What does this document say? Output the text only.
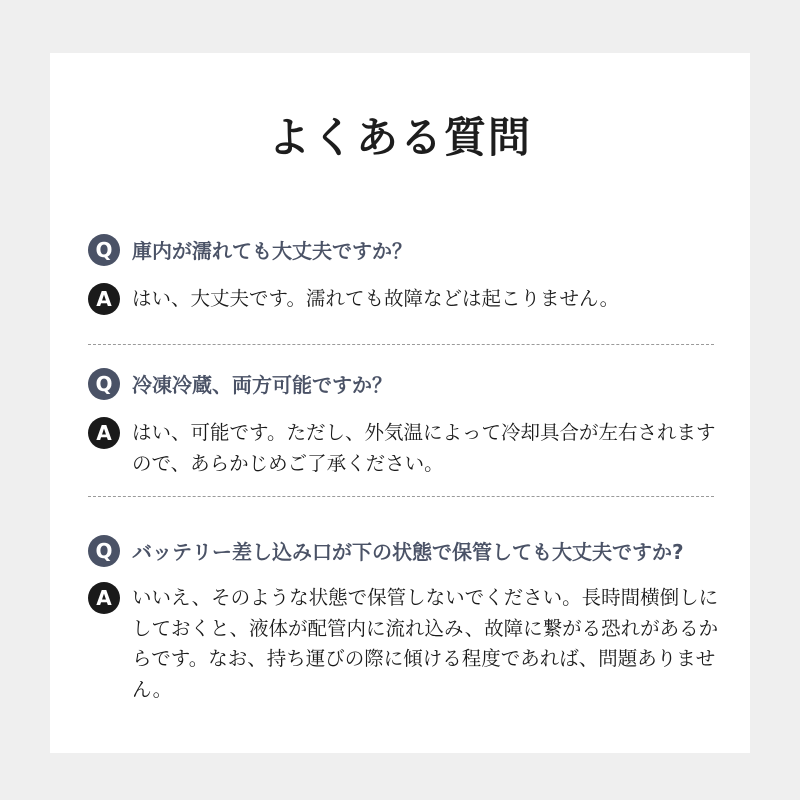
よくある質問
Q 庫内が濡れても大丈夫ですか？

A	はい、大丈夫です。濡れても故障などは起こりません。

Q 冷凍冷蔵、両方可能ですか？

A	はい、可能です。ただし、外気温によって冷却具合が左右されますので、あらかじめご了承ください。

Q バッテリー差し込み口が下の状態で保管しても大丈夫ですか?

A	いいえ、そのような状態で保管しないでください。長時間横倒しにしておくと、液体が配管内に流れ込み、故障に繋がる恐れがあるからです。なお、持ち運びの際に傾ける程度であれば、問題ありません。
